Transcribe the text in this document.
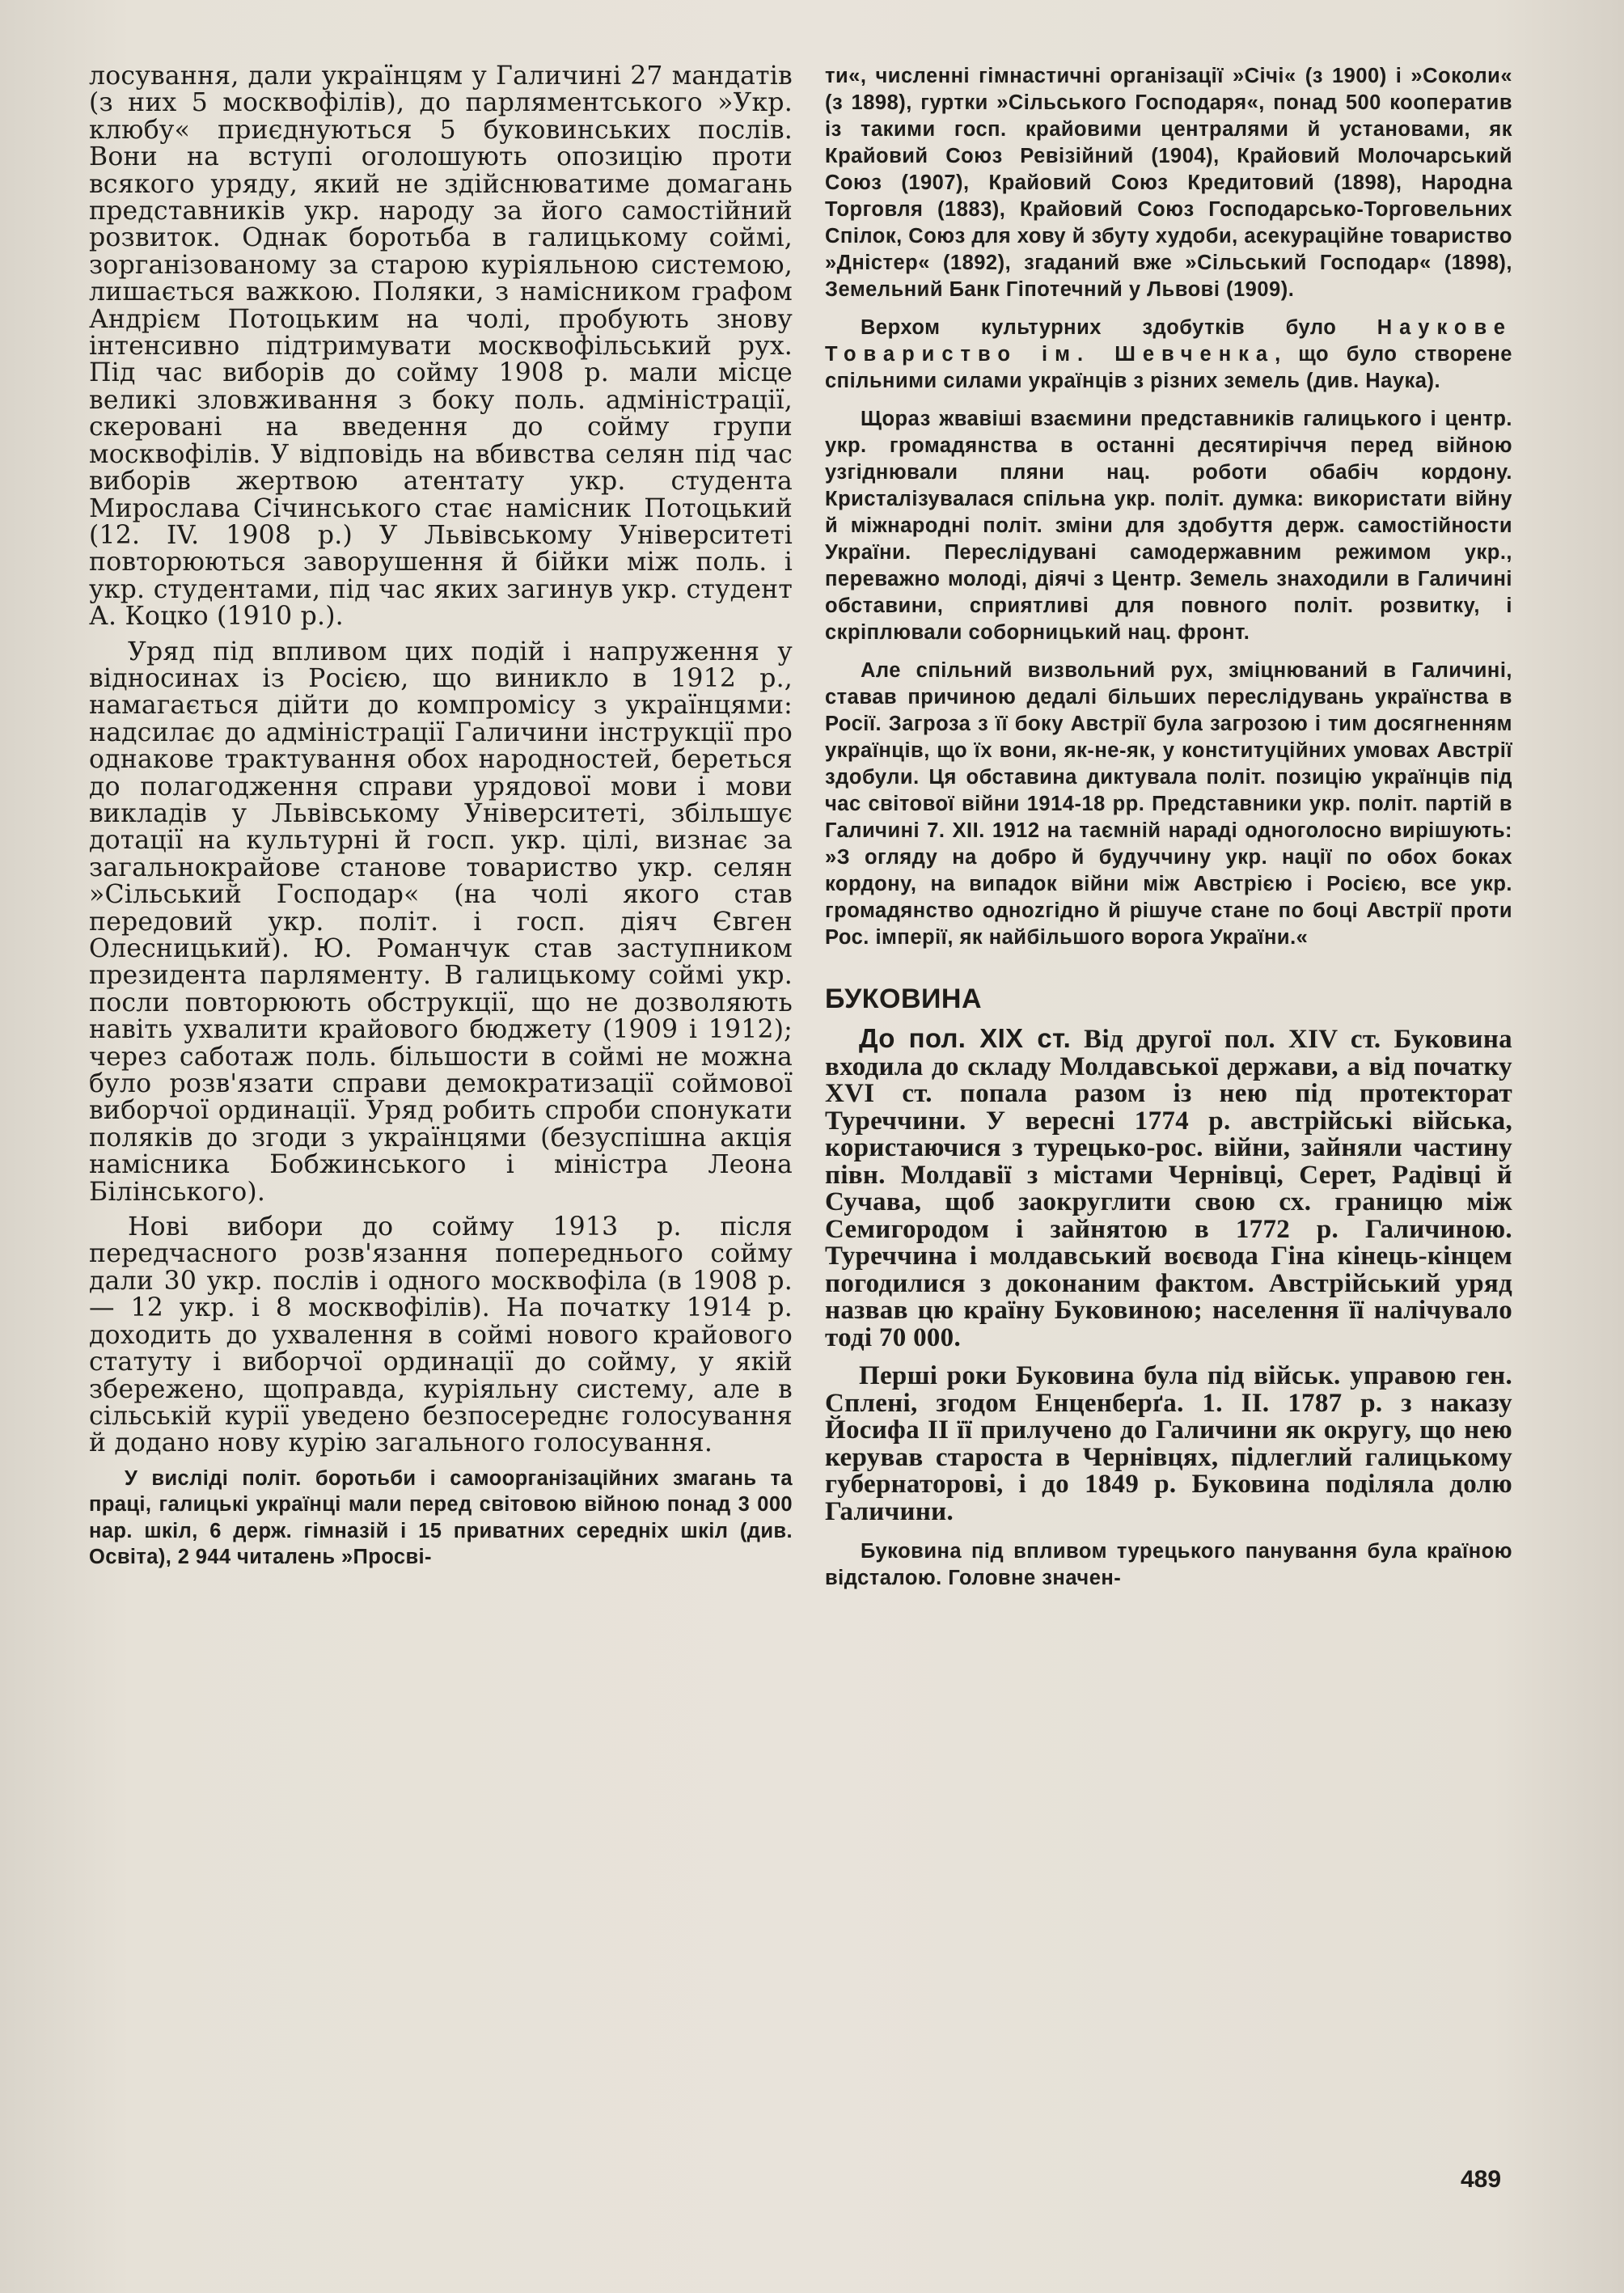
лосування, дали українцям у Галичині 27 мандатів (з них 5 москвофілів), до парляментського »Укр. клюбу« приєднуються 5 буковинських послів. Вони на вступі оголошують опозицію проти всякого уряду, який не здійснюватиме домагань представників укр. народу за його самостійний розвиток. Однак боротьба в галицькому соймі, зорганізованому за старою куріяльною системою, лишається важкою. Поляки, з намісником графом Андрієм Потоцьким на чолі, пробують знову інтенсивно підтримувати москвофільський рух. Під час виборів до сойму 1908 р. мали місце великі зловживання з боку поль. адміністрації, скеровані на введення до сойму групи москвофілів. У відповідь на вбивства селян під час виборів жертвою атентату укр. студента Мирослава Січинського стає намісник Потоцький (12. IV. 1908 р.) У Львівському Університеті повторюються заворушення й бійки між поль. і укр. студентами, під час яких загинув укр. студент А. Коцко (1910 р.).

Уряд під впливом цих подій і напруження у відносинах із Росією, що виникло в 1912 р., намагається дійти до компромісу з українцями: надсилає до адміністрації Галичини інструкції про однакове трактування обох народностей, береться до полагодження справи урядової мови і мови викладів у Львівському Університеті, збільшує дотації на культурні й госп. укр. цілі, визнає за загальнокрайове станове товариство укр. селян »Сільський Господар« (на чолі якого став передовий укр. політ. і госп. діяч Євген Олесницький). Ю. Романчук став заступником президента парляменту. В галицькому соймі укр. посли повторюють обструкції, що не дозволяють навіть ухвалити крайового бюджету (1909 і 1912); через саботаж поль. більшости в соймі не можна було розв'язати справи демократизації соймової виборчої ординації. Уряд робить спроби спонукати поляків до згоди з українцями (безуспішна акція намісника Бобжинського і міністра Леона Білінського).

Нові вибори до сойму 1913 р. після передчасного розв'язання попереднього сойму дали 30 укр. послів і одного москвофіла (в 1908 р. — 12 укр. і 8 москвофілів). На початку 1914 р. доходить до ухвалення в соймі нового крайового статуту і виборчої ординації до сойму, у якій збережено, щоправда, куріяльну систему, але в сільській курії уведено безпосереднє голосування й додано нову курію загального голосування.

У висліді політ. боротьби і самоорганізаційних змагань та праці, галицькі українці мали перед світовою війною понад 3 000 нар. шкіл, 6 держ. гімназій і 15 приватних середніх шкіл (див. Освіта), 2 944 читалень »Просві-

ти«, численні гімнастичні організації »Січі« (з 1900) і »Соколи« (з 1898), гуртки »Сільського Господаря«, понад 500 кооператив із такими госп. крайовими централями й установами, як Крайовий Союз Ревізійний (1904), Крайовий Молочарський Союз (1907), Крайовий Союз Кредитовий (1898), Народна Торговля (1883), Крайовий Союз Господарсько-Торговельних Спілок, Союз для хову й збуту худоби, асекураційне товариство »Дністер« (1892), згаданий вже »Сільський Господар« (1898), Земельний Банк Гіпотечний у Львові (1909).

Верхом культурних здобутків було Наукове Товариство ім. Шевченка, що було створене спільними силами українців з різних земель (див. Наука).

Щораз жвавіші взаємини представників галицького і центр. укр. громадянства в останні десятиріччя перед війною узгіднювали пляни нац. роботи обабіч кордону. Кристалізувалася спільна укр. політ. думка: використати війну й міжнародні політ. зміни для здобуття держ. самостійности України. Переслідувані самодержавним режимом укр., переважно молоді, діячі з Центр. Земель знаходили в Галичині обставини, сприятливі для повного політ. розвитку, і скріплювали соборницький нац. фронт.

Але спільний визвольний рух, зміцнюваний в Галичині, ставав причиною дедалі більших переслідувань українства в Росії. Загроза з її боку Австрії була загрозою і тим досягненням українців, що їх вони, як-не-як, у конституційних умовах Австрії здобули. Ця обставина диктувала політ. позицію українців під час світової війни 1914-18 рр. Представники укр. політ. партій в Галичині 7. XII. 1912 на таємній нараді одноголосно вирішують: »З огляду на добро й будуччину укр. нації по обох боках кордону, на випадок війни між Австрією і Росією, все укр. громадянство одноzгідно й рішуче стане по боці Австрії проти Рос. імперії, як найбільшого ворога України.«

БУКОВИНА

До пол. XIX ст. Від другої пол. XIV ст. Буковина входила до складу Молдавської держави, а від початку XVI ст. попала разом із нею під протекторат Туреччини. У вересні 1774 р. австрійські війська, користаючися з турецько-рос. війни, зайняли частину півн. Молдавії з містами Чернівці, Серет, Радівці й Сучава, щоб заокруглити свою сх. границю між Семигородом і зайнятою в 1772 р. Галичиною. Туреччина і молдавський воєвода Гіна кінець-кінцем погодилися з доконаним фактом. Австрійський уряд назвав цю країну Буковиною; населення її налічувало тоді 70 000.

Перші роки Буковина була під військ. управою ген. Сплені, згодом Енценберґа. 1. II. 1787 р. з наказу Йосифа II її прилучено до Галичини як округу, що нею керував староста в Чернівцях, підлеглий галицькому губернаторові, і до 1849 р. Буковина поділяла долю Галичини.

Буковина під впливом турецького панування була країною відсталою. Головне значен-

489
